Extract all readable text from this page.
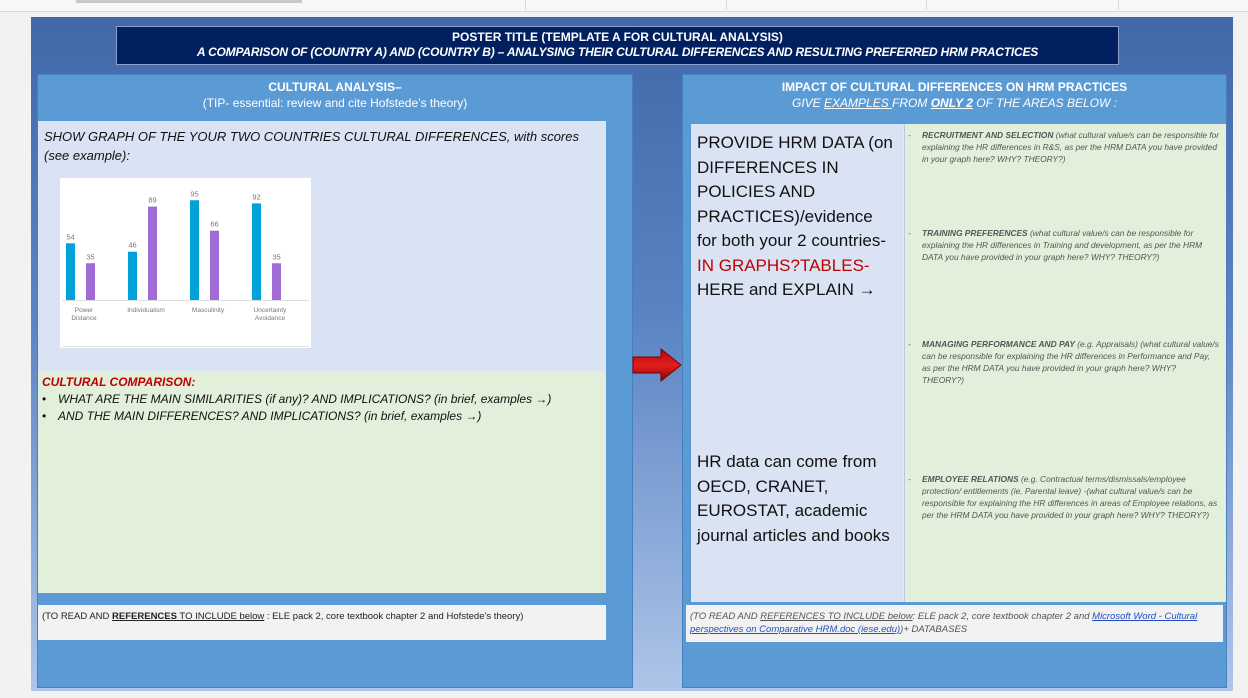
POSTER TITLE (TEMPLATE A FOR CULTURAL ANALYSIS)
A COMPARISON OF (COUNTRY A) AND (COUNTRY B) – ANALYSING THEIR CULTURAL DIFFERENCES AND RESULTING PREFERRED HRM PRACTICES
CULTURAL ANALYSIS–
(TIP- essential: review and cite Hofstede’s theory)
SHOW GRAPH OF THE YOUR TWO COUNTRIES CULTURAL DIFFERENCES, with scores (see example):
54
35
Power
Distance
46
89
Individualism
95
66
Masculinity
92
35
Uncertainty
Avoidance
CULTURAL COMPARISON:
• WHAT ARE THE MAIN SIMILARITIES (if any)? AND IMPLICATIONS? (in brief, examples →)
• AND THE MAIN DIFFERENCES? AND IMPLICATIONS? (in brief, examples →)
(TO READ AND REFERENCES TO INCLUDE below : ELE pack 2, core textbook chapter 2 and Hofstede’s theory)
IMPACT OF CULTURAL DIFFERENCES ON HRM PRACTICES
GIVE EXAMPLES FROM ONLY 2 OF THE AREAS BELOW :
PROVIDE HRM DATA (on DIFFERENCES IN POLICIES AND PRACTICES)/evidence for both your 2 countries-
IN GRAPHS?TABLES-
HERE and EXPLAIN →
HR data can come from OECD, CRANET, EUROSTAT, academic journal articles and books
- RECRUITMENT AND SELECTION (what cultural value/s can be responsible for explaining the HR differences in R&S, as per the HRM DATA you have provided in your graph here? WHY? THEORY?)
- TRAINING PREFERENCES (what cultural value/s can be responsible for explaining the HR differences in Training and development, as per the HRM DATA you have provided in your graph here? WHY? THEORY?)
- MANAGING PERFORMANCE AND PAY (e.g. Appraisals) (what cultural value/s can be responsible for explaining the HR differences in Performance and Pay, as per the HRM DATA you have provided in your graph here? WHY? THEORY?)
- EMPLOYEE RELATIONS (e.g. Contractual terms/dismissals/employee protection/ entitlements (ie, Parental leave) -(what cultural value/s can be responsible for explaining the HR differences in areas of Employee relations, as per the HRM DATA you have provided in your graph here? WHY? THEORY?)
(TO READ AND REFERENCES TO INCLUDE below: ELE pack 2, core textbook chapter 2 and Microsoft Word - Cultural perspectives on Comparative HRM.doc (iese.edu))+ DATABASES
